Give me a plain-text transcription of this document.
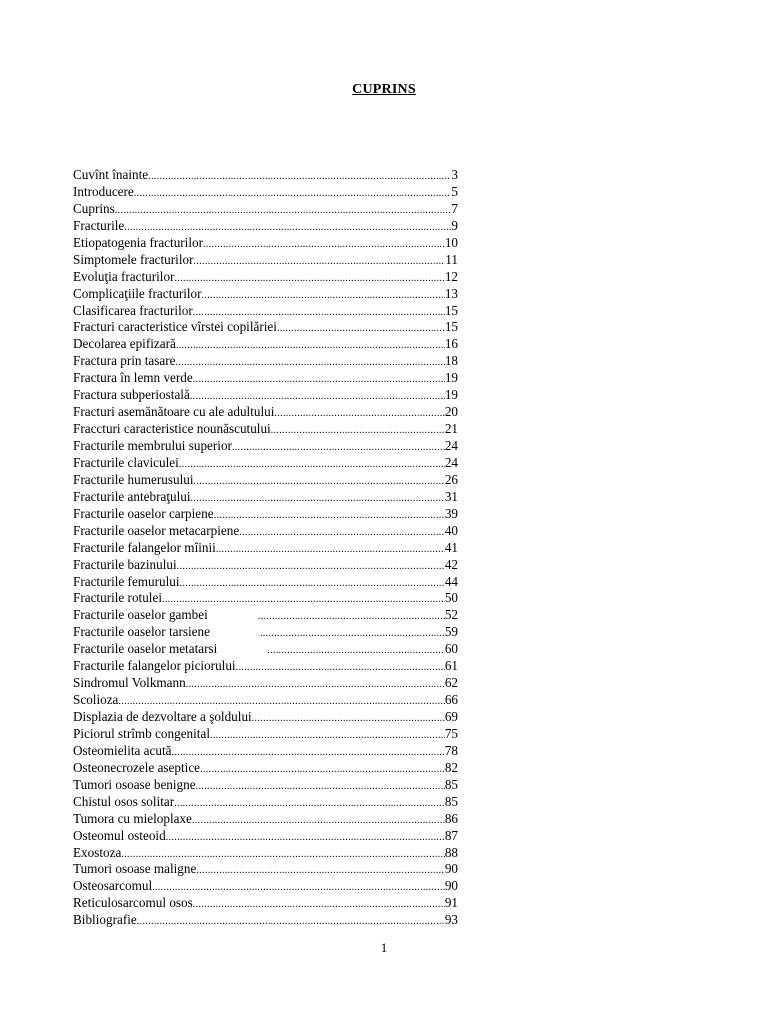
CUPRINS
Cuvînt înainte .....	3
Introducere .....	5
Cuprins .....	7
Fracturile .....	9
Etiopatogenia fracturilor .....	10
Simptomele fracturilor .....	11
Evoluţia fracturilor .....	12
Complicaţiile fracturilor .....	13
Clasificarea fracturilor .....	15
Fracturi caracteristice vîrstei copilăriei .....	15
Decolarea epifizară .....	16
Fractura prin tasare .....	18
Fractura în lemn verde .....	19
Fractura subperiostală .....	19
Fracturi asemănătoare cu ale adultului .....	20
Fraccturi caracteristice nounăscutului .....	21
Fracturile membrului superior .....	24
Fracturile claviculei .....	24
Fracturile humerusului .....	26
Fracturile antebraţului .....	31
Fracturile oaselor carpiene .....	39
Fracturile oaselor metacarpiene .....	40
Fracturile falangelor mîinii .....	41
Fracturile bazinului .....	42
Fracturile femurului .....	44
Fracturile rotulei .....	50
Fracturile oaselor gambei .....	52
Fracturile oaselor tarsiene .....	59
Fracturile oaselor metatarsi .....	60
Fracturile falangelor piciorului .....	61
Sindromul Volkmann .....	62
Scolioza .....	66
Displazia de dezvoltare a şoldului .....	69
Piciorul strîmb congenital .....	75
Osteomielita acută .....	78
Osteonecrozele aseptice .....	82
Tumori osoase benigne .....	85
Chistul osos solitar .....	85
Tumora cu mieloplaxe .....	86
Osteomul osteoid .....	87
Exostoza .....	88
Tumori osoase maligne .....	90
Osteosarcomul .....	90
Reticulosarcomul osos .....	91
Bibliografie .....	93
1
